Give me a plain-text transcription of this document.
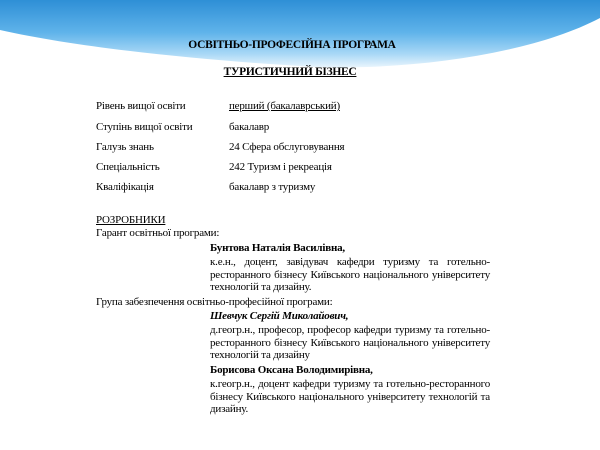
ОСВІТНЬО-ПРОФЕСІЙНА ПРОГРАМА
ТУРИСТИЧНИЙ БІЗНЕС
Рівень вищої освіти	перший (бакалаврський)
Ступінь вищої освіти	бакалавр
Галузь знань	24 Сфера обслуговування
Спеціальність	242 Туризм і рекреація
Кваліфікація	бакалавр з туризму
РОЗРОБНИКИ
Гарант освітньої програми:
Бунтова Наталія Василівна,
к.е.н., доцент, завідувач кафедри туризму та готельно-ресторанного бізнесу Київського національного університету технологій та дизайну.
Група забезпечення освітньо-професійної програми:
Шевчук Сергій Миколайович,
д.геогр.н., професор, професор кафедри туризму та готельно-ресторанного бізнесу Київського національного університету технологій та дизайну
Борисова Оксана Володимирівна,
к.геогр.н., доцент кафедри туризму та готельно-ресторанного бізнесу Київського національного університету технологій та дизайну.
